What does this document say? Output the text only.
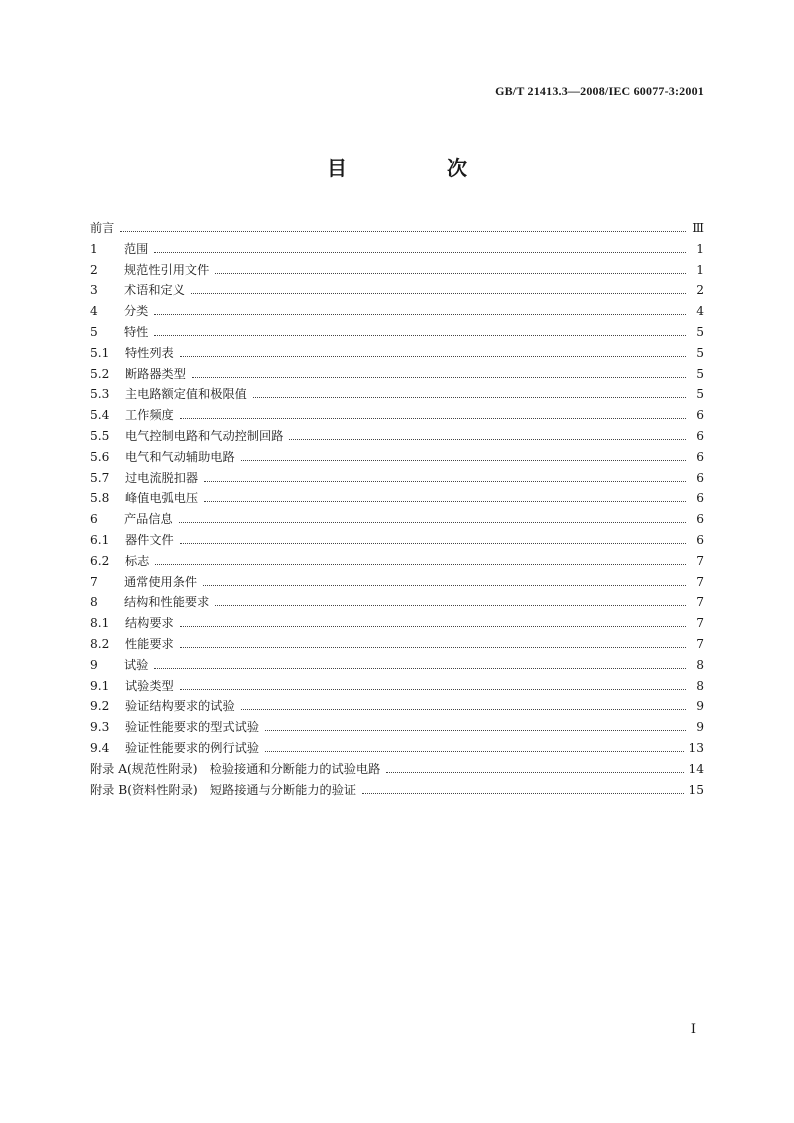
GB/T 21413.3—2008/IEC 60077-3:2001
目　次
前言	Ⅲ
1	范围	1
2	规范性引用文件	1
3	术语和定义	2
4	分类	4
5	特性	5
5.1	特性列表	5
5.2	断路器类型	5
5.3	主电路额定值和极限值	5
5.4	工作频度	6
5.5	电气控制电路和气动控制回路	6
5.6	电气和气动辅助电路	6
5.7	过电流脱扣器	6
5.8	峰值电弧电压	6
6	产品信息	6
6.1	器件文件	6
6.2	标志	7
7	通常使用条件	7
8	结构和性能要求	7
8.1	结构要求	7
8.2	性能要求	7
9	试验	8
9.1	试验类型	8
9.2	验证结构要求的试验	9
9.3	验证性能要求的型式试验	9
9.4	验证性能要求的例行试验	13
附录 A(规范性附录)　检验接通和分断能力的试验电路	14
附录 B(资料性附录)　短路接通与分断能力的验证	15
I
